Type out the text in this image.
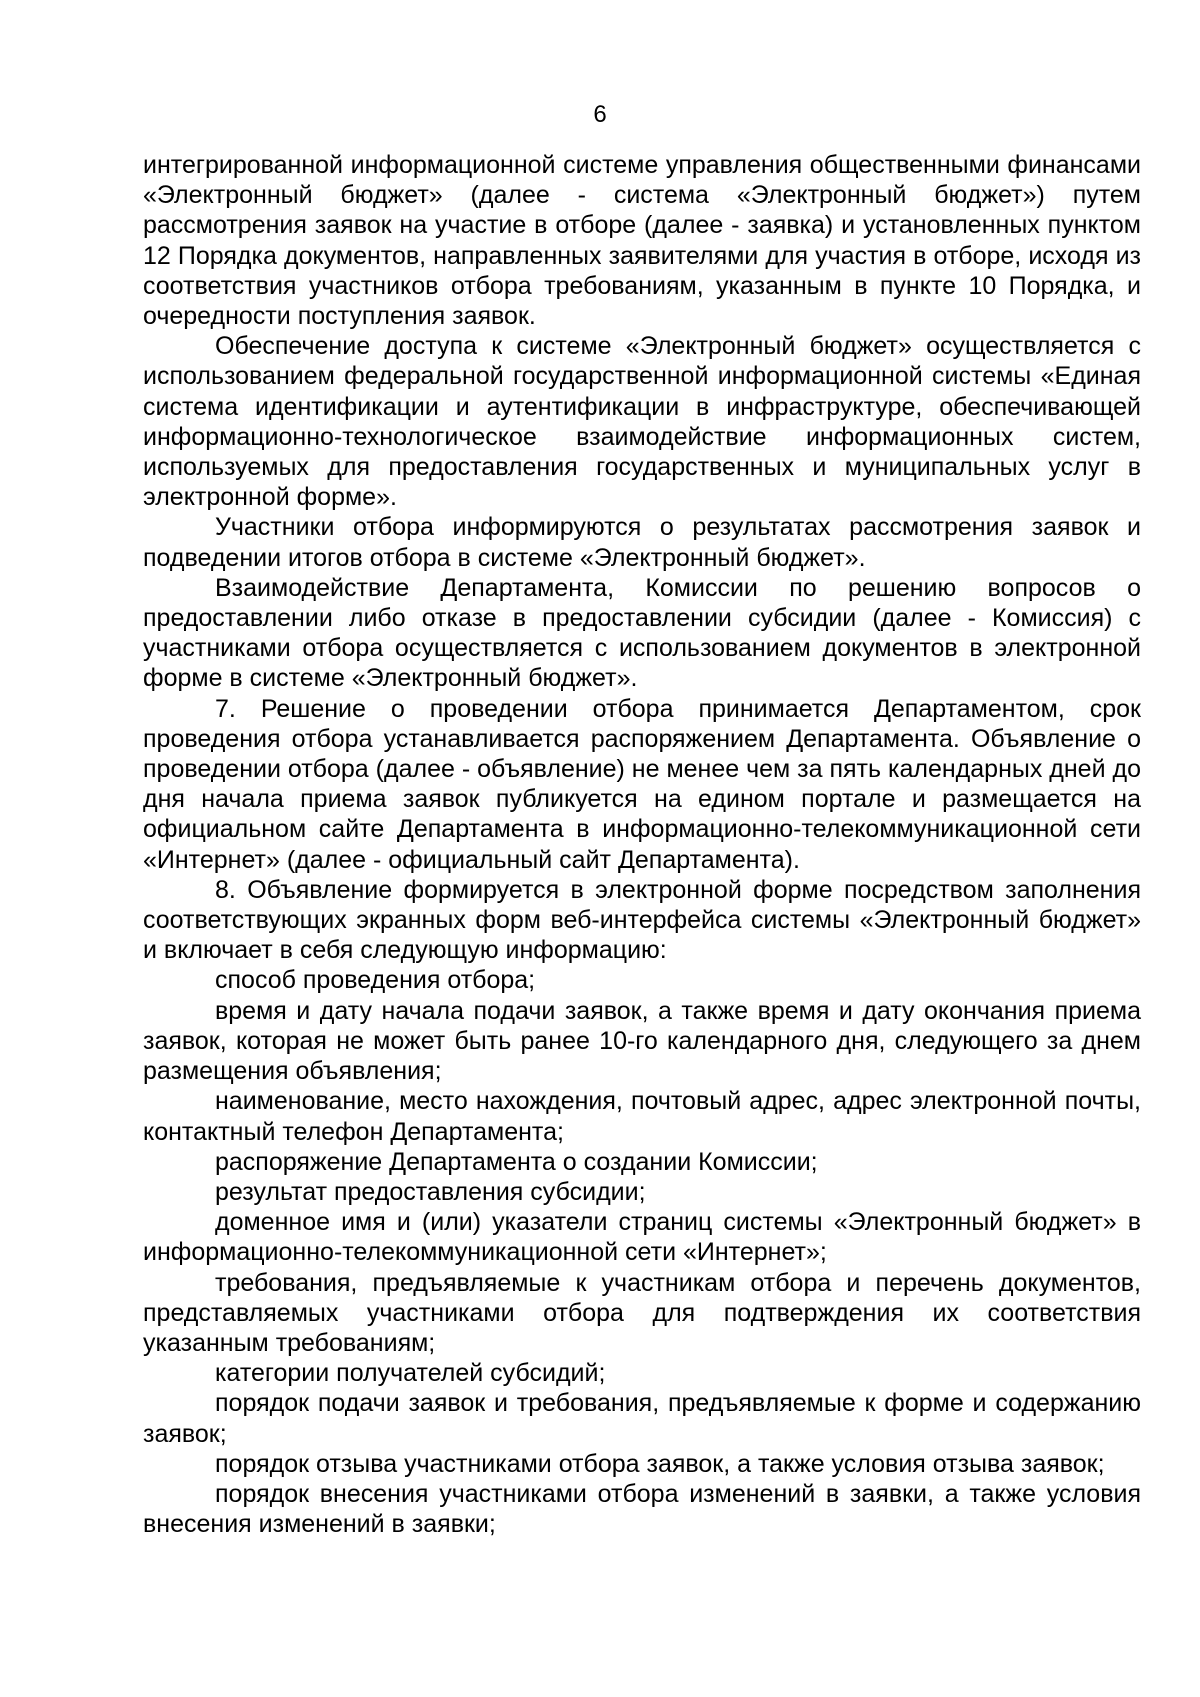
6

интегрированной информационной системе управления общественными финансами «Электронный бюджет» (далее - система «Электронный бюджет») путем рассмотрения заявок на участие в отборе (далее - заявка) и установленных пунктом 12 Порядка документов, направленных заявителями для участия в отборе, исходя из соответствия участников отбора требованиям, указанным в пункте 10 Порядка, и очередности поступления заявок.

Обеспечение доступа к системе «Электронный бюджет» осуществляется с использованием федеральной государственной информационной системы «Единая система идентификации и аутентификации в инфраструктуре, обеспечивающей информационно-технологическое взаимодействие информационных систем, используемых для предоставления государственных и муниципальных услуг в электронной форме».

Участники отбора информируются о результатах рассмотрения заявок и подведении итогов отбора в системе «Электронный бюджет».

Взаимодействие Департамента, Комиссии по решению вопросов о предоставлении либо отказе в предоставлении субсидии (далее - Комиссия) с участниками отбора осуществляется с использованием документов в электронной форме в системе «Электронный бюджет».

7. Решение о проведении отбора принимается Департаментом, срок проведения отбора устанавливается распоряжением Департамента. Объявление о проведении отбора (далее - объявление) не менее чем за пять календарных дней до дня начала приема заявок публикуется на едином портале и размещается на официальном сайте Департамента в информационно-телекоммуникационной сети «Интернет» (далее - официальный сайт Департамента).

8. Объявление формируется в электронной форме посредством заполнения соответствующих экранных форм веб-интерфейса системы «Электронный бюджет» и включает в себя следующую информацию:

способ проведения отбора;

время и дату начала подачи заявок, а также время и дату окончания приема заявок, которая не может быть ранее 10-го календарного дня, следующего за днем размещения объявления;

наименование, место нахождения, почтовый адрес, адрес электронной почты, контактный телефон Департамента;

распоряжение Департамента о создании Комиссии;

результат предоставления субсидии;

доменное имя и (или) указатели страниц системы «Электронный бюджет» в информационно-телекоммуникационной сети «Интернет»;

требования, предъявляемые к участникам отбора и перечень документов, представляемых участниками отбора для подтверждения их соответствия указанным требованиям;

категории получателей субсидий;

порядок подачи заявок и требования, предъявляемые к форме и содержанию заявок;

порядок отзыва участниками отбора заявок, а также условия отзыва заявок;

порядок внесения участниками отбора изменений в заявки, а также условия внесения изменений в заявки;
